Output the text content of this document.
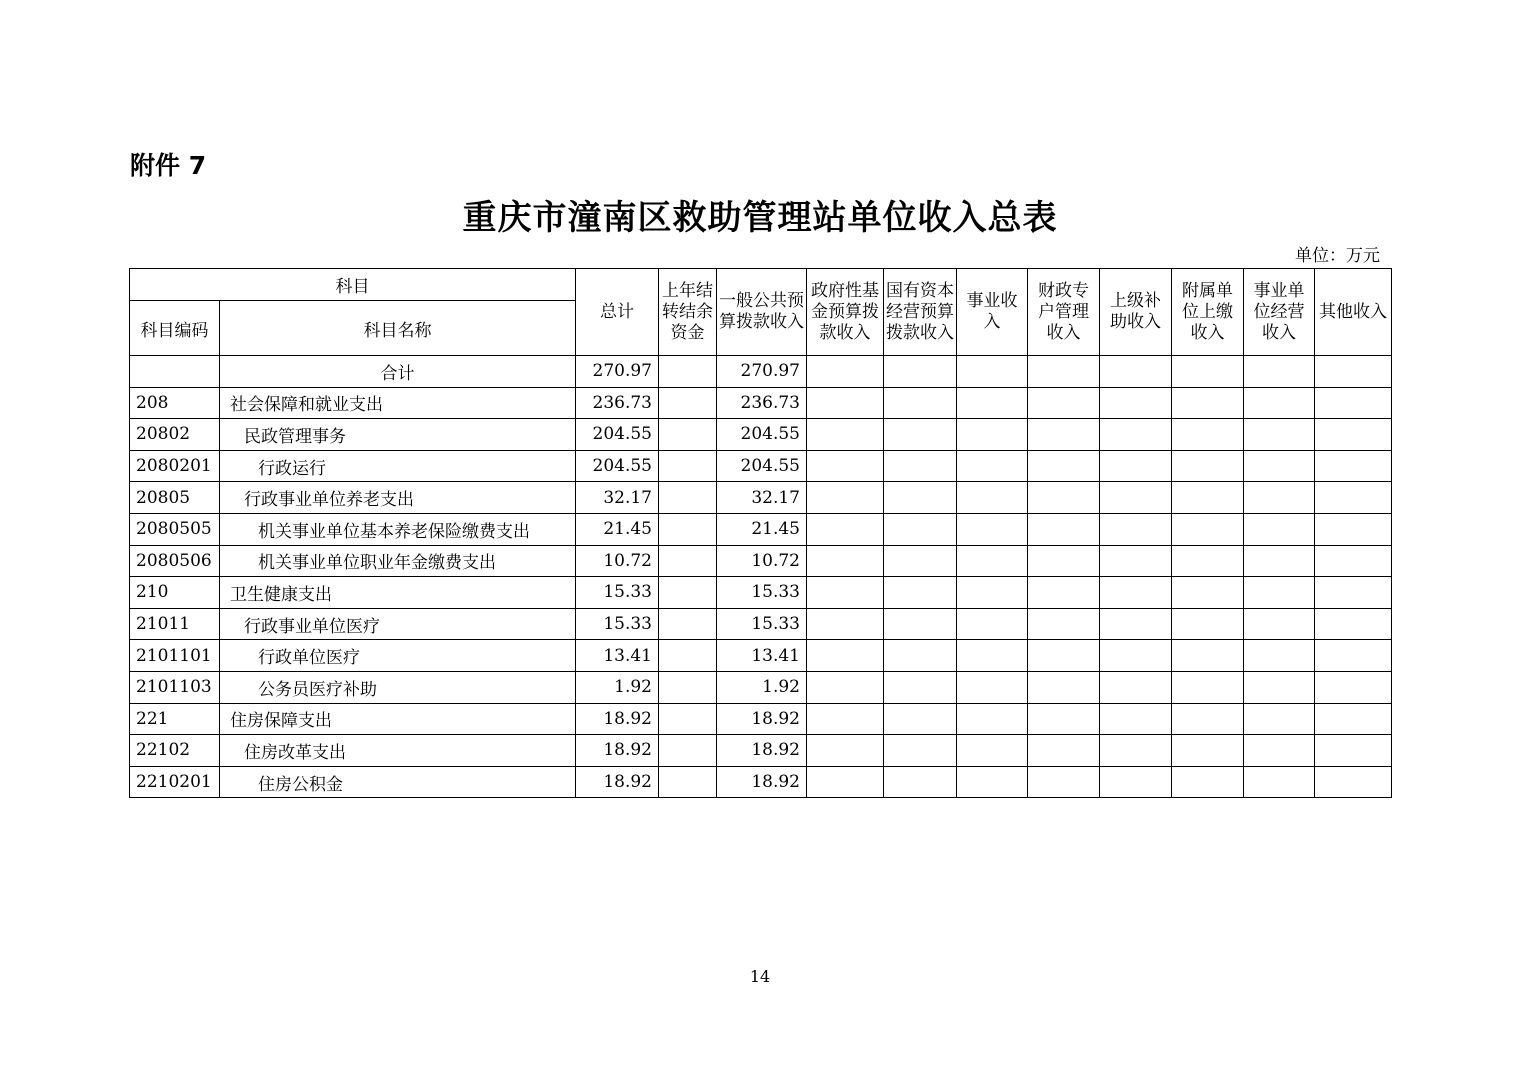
附件 7
重庆市潼南区救助管理站单位收入总表
单位：万元
科目		总计	上年结转结余资金	一般公共预算拨款收入	政府性基金预算拨款收入	国有资本经营预算拨款收入	事业收入	财政专户管理收入	上级补助收入	附属单位上缴收入	事业单位经营收入	其他收入
科目编码	科目名称											
	合计	270.97		270.97								
208	社会保障和就业支出	236.73		236.73								
20802	民政管理事务	204.55		204.55								
2080201	行政运行	204.55		204.55								
20805	行政事业单位养老支出	32.17		32.17								
2080505	机关事业单位基本养老保险缴费支出	21.45		21.45								
2080506	机关事业单位职业年金缴费支出	10.72		10.72								
210	卫生健康支出	15.33		15.33								
21011	行政事业单位医疗	15.33		15.33								
2101101	行政单位医疗	13.41		13.41								
2101103	公务员医疗补助	1.92		1.92								
221	住房保障支出	18.92		18.92								
22102	住房改革支出	18.92		18.92								
2210201	住房公积金	18.92		18.92								
14
